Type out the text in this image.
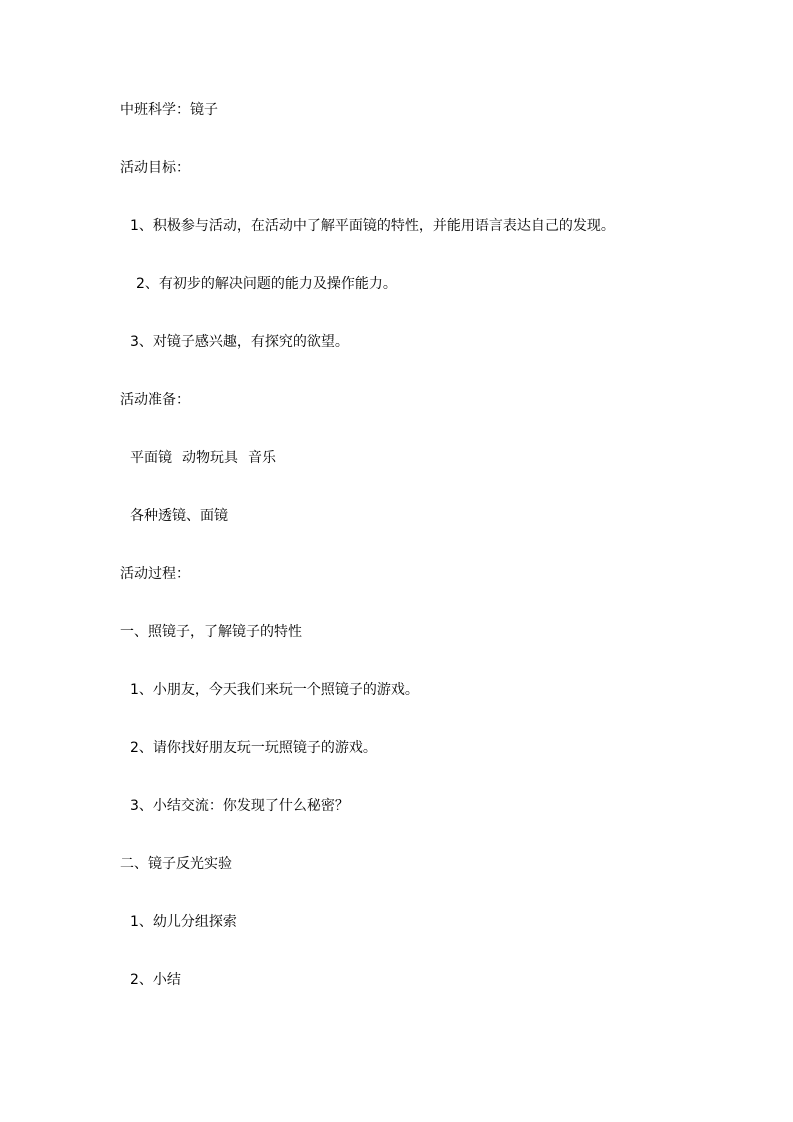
中班科学：镜子
活动目标：
1、积极参与活动，在活动中了解平面镜的特性，并能用语言表达自己的发现。
2、有初步的解决问题的能力及操作能力。
3、对镜子感兴趣，有探究的欲望。
活动准备：
平面镜 动物玩具 音乐
各种透镜、面镜
活动过程：
一、照镜子，了解镜子的特性
1、小朋友，今天我们来玩一个照镜子的游戏。
2、请你找好朋友玩一玩照镜子的游戏。
3、小结交流：你发现了什么秘密？
二、镜子反光实验
1、幼儿分组探索
2、小结
